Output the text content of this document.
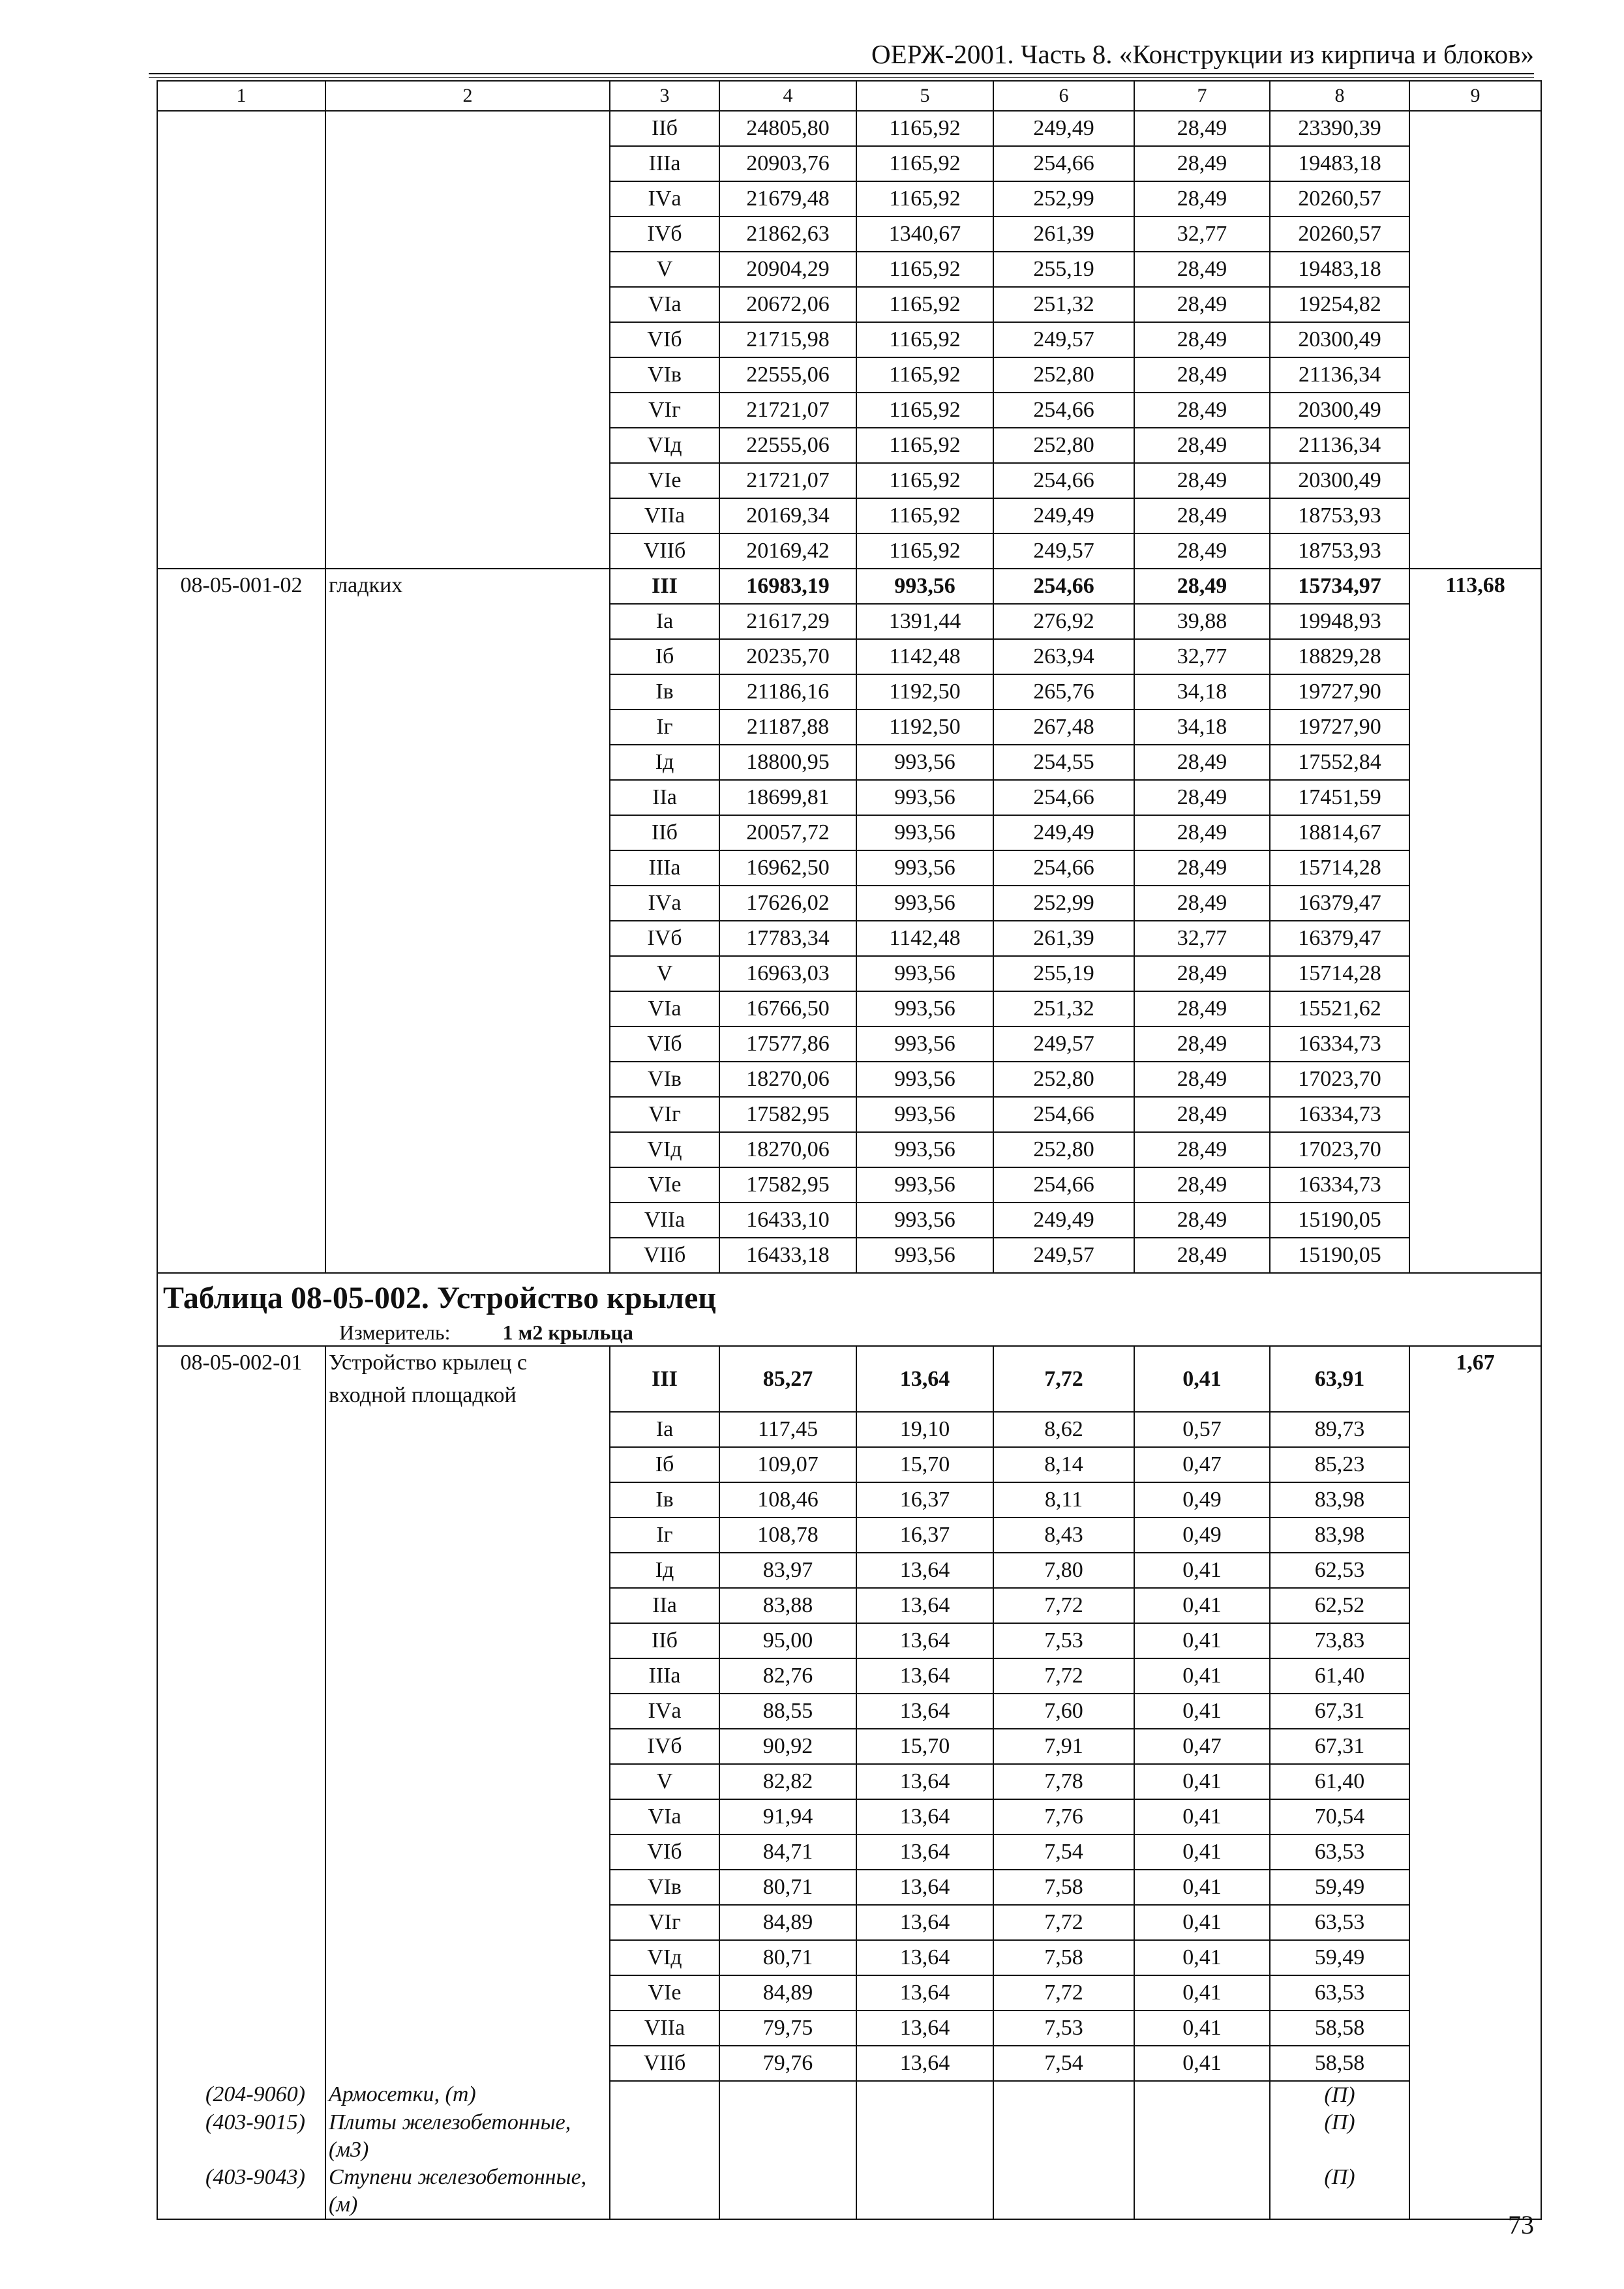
ОЕРЖ-2001. Часть 8. «Конструкции из кирпича и блоков»
1	2	3	4	5	6	7	8	9
		IIб	24805,80	1165,92	249,49	28,49	23390,39	
		IIIа	20903,76	1165,92	254,66	28,49	19483,18	
		IVа	21679,48	1165,92	252,99	28,49	20260,57	
		IVб	21862,63	1340,67	261,39	32,77	20260,57	
		V	20904,29	1165,92	255,19	28,49	19483,18	
		VIа	20672,06	1165,92	251,32	28,49	19254,82	
		VIб	21715,98	1165,92	249,57	28,49	20300,49	
		VIв	22555,06	1165,92	252,80	28,49	21136,34	
		VIг	21721,07	1165,92	254,66	28,49	20300,49	
		VIд	22555,06	1165,92	252,80	28,49	21136,34	
		VIе	21721,07	1165,92	254,66	28,49	20300,49	
		VIIа	20169,34	1165,92	249,49	28,49	18753,93	
		VIIб	20169,42	1165,92	249,57	28,49	18753,93	
08-05-001-02	гладких	III	16983,19	993,56	254,66	28,49	15734,97	113,68
		Iа	21617,29	1391,44	276,92	39,88	19948,93	
		Iб	20235,70	1142,48	263,94	32,77	18829,28	
		Iв	21186,16	1192,50	265,76	34,18	19727,90	
		Iг	21187,88	1192,50	267,48	34,18	19727,90	
		Iд	18800,95	993,56	254,55	28,49	17552,84	
		IIа	18699,81	993,56	254,66	28,49	17451,59	
		IIб	20057,72	993,56	249,49	28,49	18814,67	
		IIIа	16962,50	993,56	254,66	28,49	15714,28	
		IVа	17626,02	993,56	252,99	28,49	16379,47	
		IVб	17783,34	1142,48	261,39	32,77	16379,47	
		V	16963,03	993,56	255,19	28,49	15714,28	
		VIа	16766,50	993,56	251,32	28,49	15521,62	
		VIб	17577,86	993,56	249,57	28,49	16334,73	
		VIв	18270,06	993,56	252,80	28,49	17023,70	
		VIг	17582,95	993,56	254,66	28,49	16334,73	
		VIд	18270,06	993,56	252,80	28,49	17023,70	
		VIе	17582,95	993,56	254,66	28,49	16334,73	
		VIIа	16433,10	993,56	249,49	28,49	15190,05	
		VIIб	16433,18	993,56	249,57	28,49	15190,05	

Таблица 08-05-002. Устройство крылец
Измеритель: 1 м2 крыльца								

08-05-002-01	Устройство крылец с входной площадкой	III	85,27	13,64	7,72	0,41	63,91	1,67
		Iа	117,45	19,10	8,62	0,57	89,73	
		Iб	109,07	15,70	8,14	0,47	85,23	
		Iв	108,46	16,37	8,11	0,49	83,98	
		Iг	108,78	16,37	8,43	0,49	83,98	
		Iд	83,97	13,64	7,80	0,41	62,53	
		IIа	83,88	13,64	7,72	0,41	62,52	
		IIб	95,00	13,64	7,53	0,41	73,83	
		IIIа	82,76	13,64	7,72	0,41	61,40	
		IVа	88,55	13,64	7,60	0,41	67,31	
		IVб	90,92	15,70	7,91	0,47	67,31	
		V	82,82	13,64	7,78	0,41	61,40	
		VIа	91,94	13,64	7,76	0,41	70,54	
		VIб	84,71	13,64	7,54	0,41	63,53	
		VIв	80,71	13,64	7,58	0,41	59,49	
		VIг	84,89	13,64	7,72	0,41	63,53	
		VIд	80,71	13,64	7,58	0,41	59,49	
		VIе	84,89	13,64	7,72	0,41	63,53	
		VIIа	79,75	13,64	7,53	0,41	58,58	
		VIIб	79,76	13,64	7,54	0,41	58,58	
(204-9060)	Армосетки, (т)						(П)	
(403-9015)	Плиты железобетонные, (м3)						(П)	
(403-9043)	Ступени железобетонные, (м)						(П)	
73
